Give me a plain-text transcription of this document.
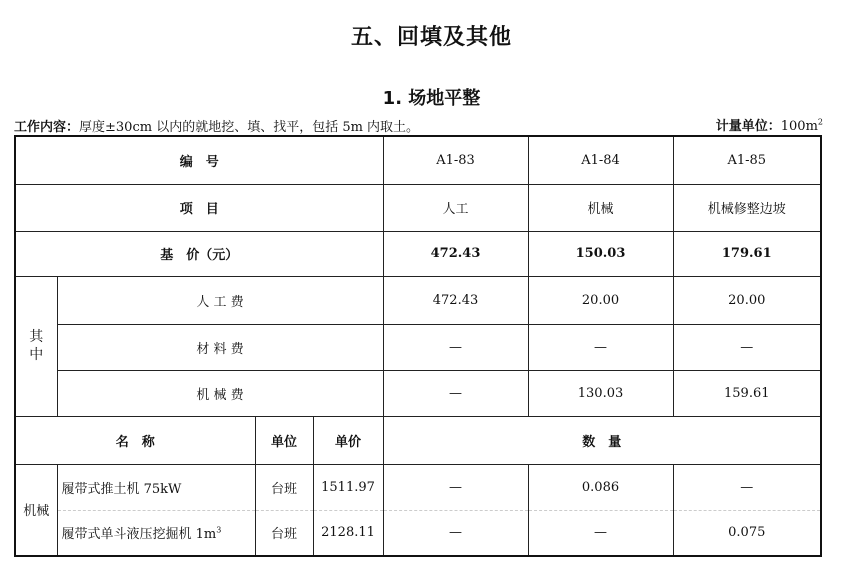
五、回填及其他
1. 场地平整
工作内容：厚度±30cm 以内的就地挖、填、找平，包括 5m 内取土。	计量单位：$100m^2$
编　号				A1-83	A1-84	A1-85
项　目				人工	机械	机械修整边坡
基　价（元）				472.43	150.03	179.61
其中	人 工 费			472.43	20.00	20.00
	材 料 费			—	—	—
	机 械 费			—	130.03	159.61
名　称		单位	单价	数　量		
机械	履带式推土机 75kW	台班	1511.97	—	0.086	—
	履带式单斗液压挖掘机 $1m^3$	台班	2128.11	—	—	0.075
